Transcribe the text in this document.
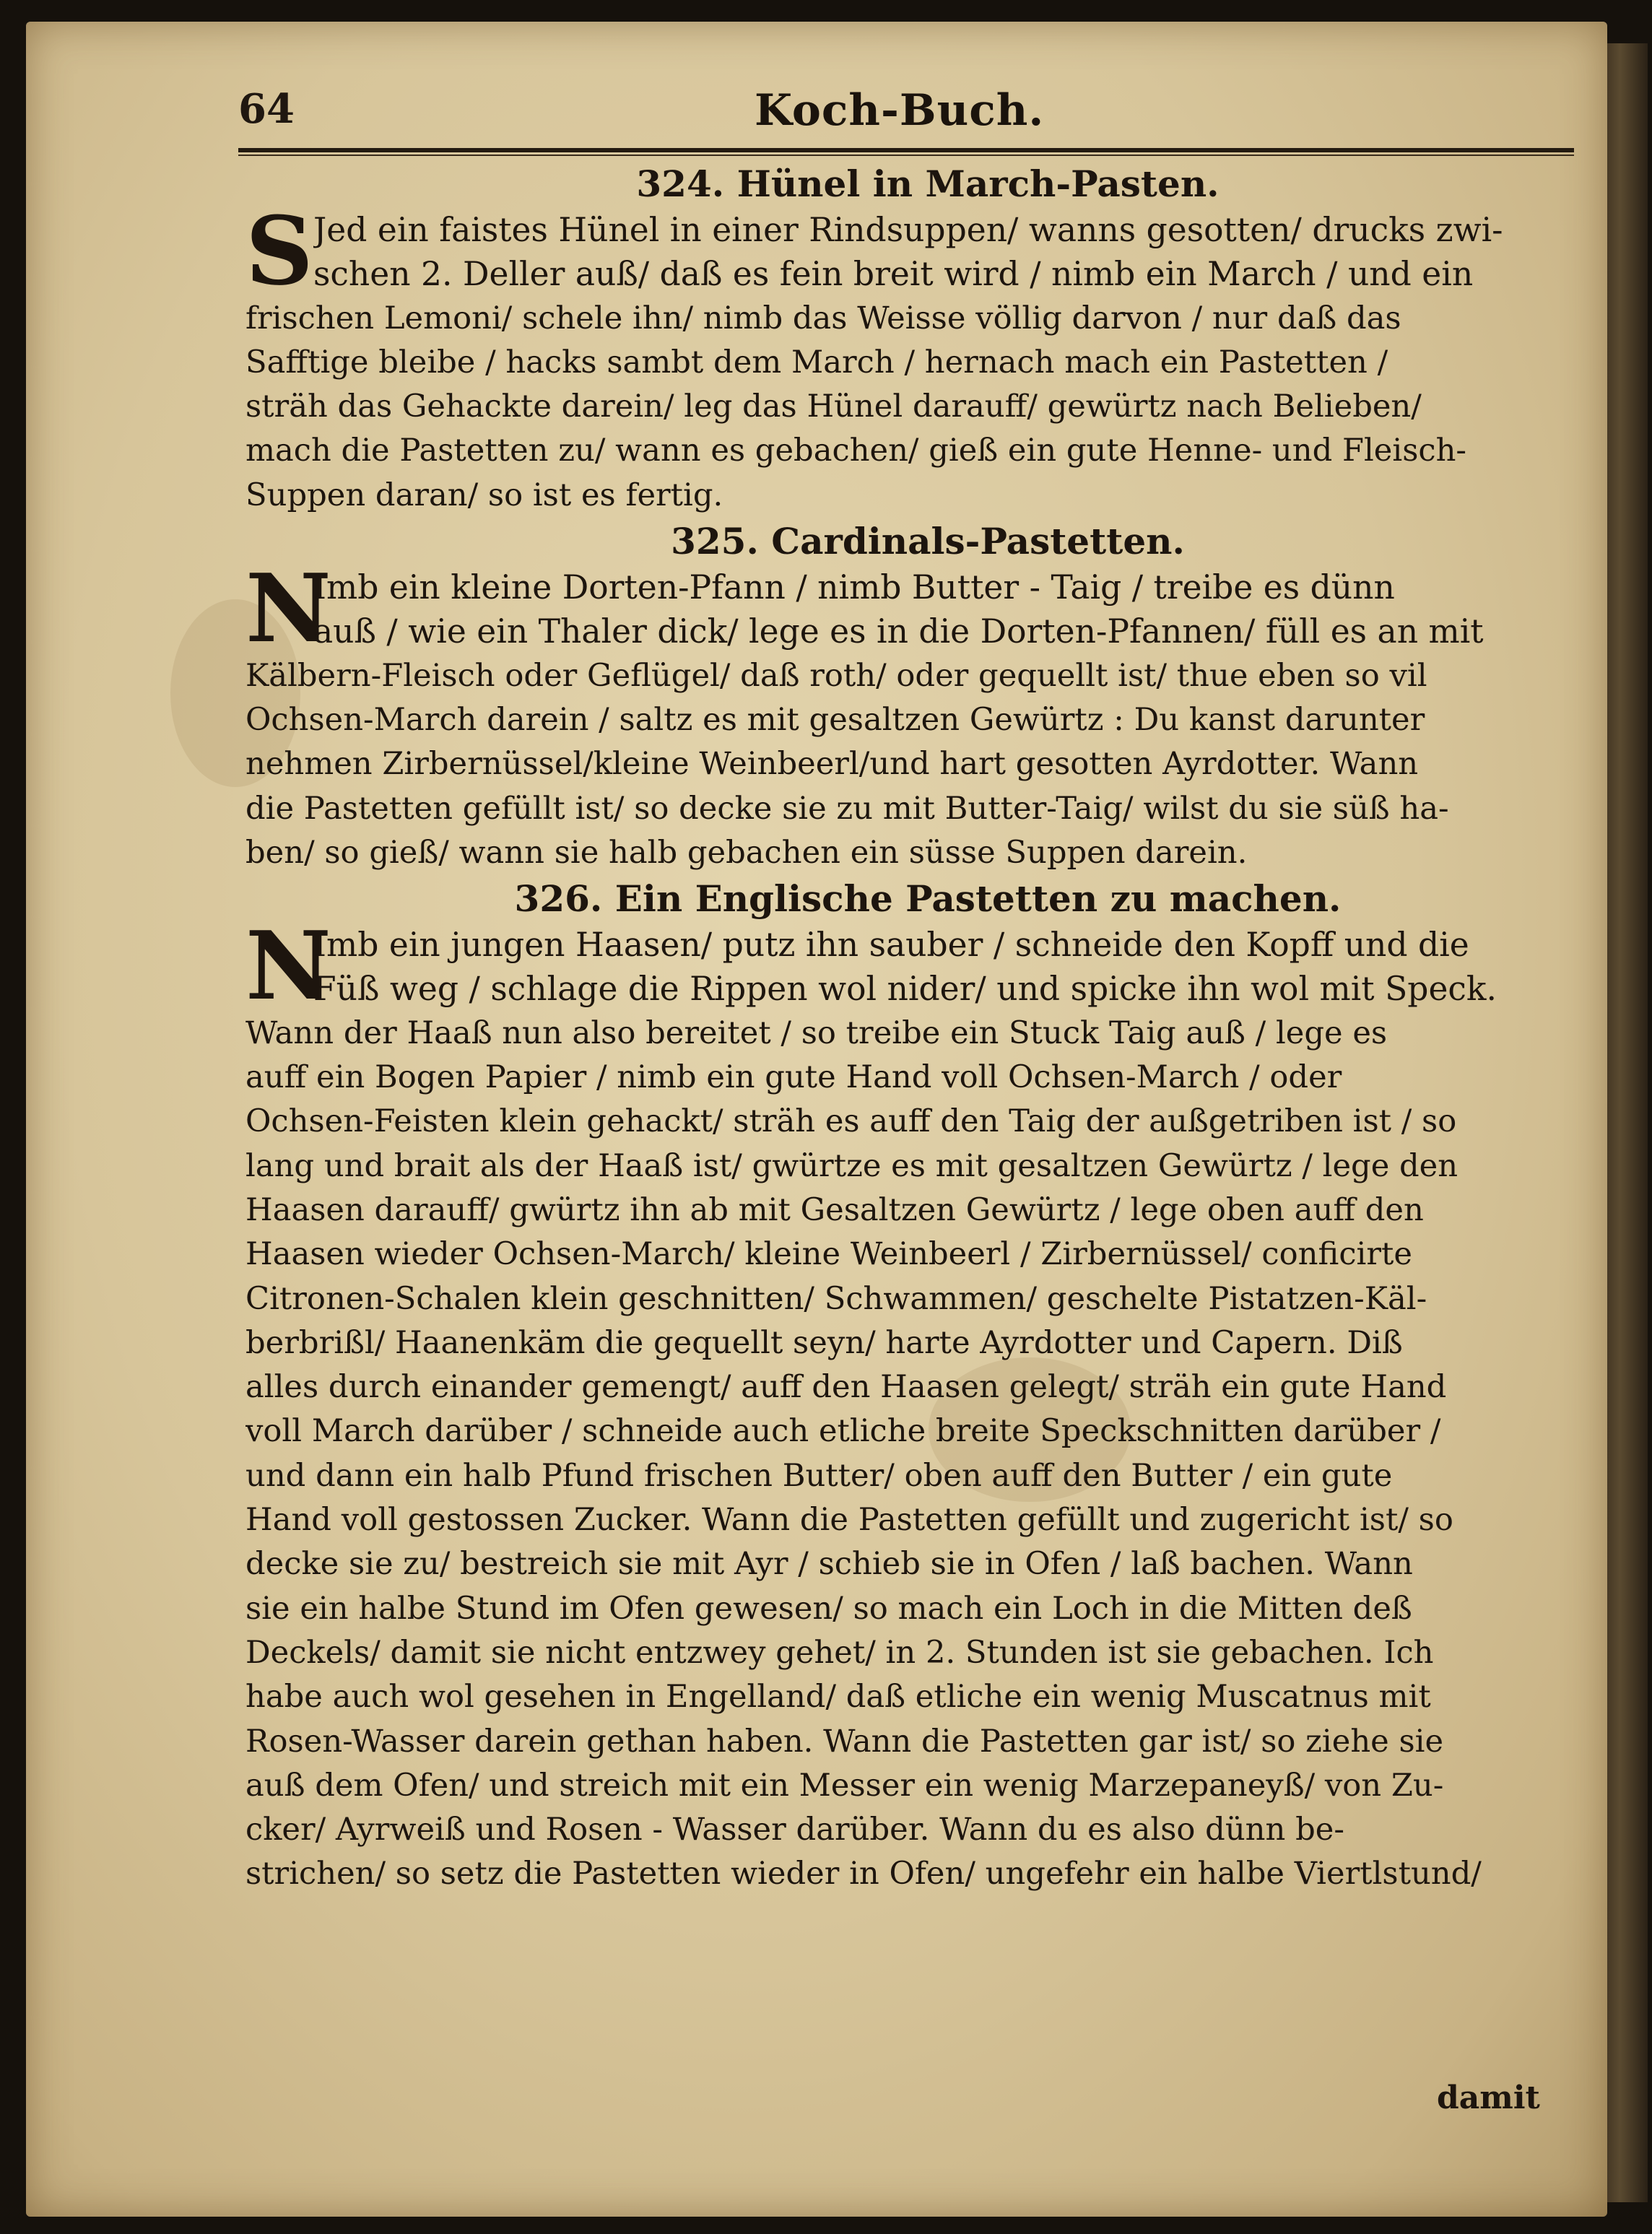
64	Koch-Buch.
324. Hünel in March-Pasten.
S Jed ein faistes Hünel in einer Rindsuppen/ wanns gesotten/ drucks zwi-
schen 2. Deller auß/ daß es fein breit wird / nimb ein March / und ein
frischen Lemoni/ schele ihn/ nimb das Weisse völlig darvon / nur daß das
Safftige bleibe / hacks sambt dem March / hernach mach ein Pastetten /
sträh das Gehackte darein/ leg das Hünel darauff/ gewürtz nach Belieben/
mach die Pastetten zu/ wann es gebachen/ gieß ein gute Henne- und Fleisch-
Suppen daran/ so ist es fertig.
325. Cardinals-Pastetten.
N
Imb ein kleine Dorten-Pfann / nimb Butter - Taig / treibe es dünn
auß / wie ein Thaler dick/ lege es in die Dorten-Pfannen/ füll es an mit
Kälbern-Fleisch oder Geflügel/ daß roth/ oder gequellt ist/ thue eben so vil
Ochsen-March darein / saltz es mit gesaltzen Gewürtz : Du kanst darunter
nehmen Zirbernüssel/kleine Weinbeerl/und hart gesotten Ayrdotter. Wann
die Pastetten gefüllt ist/ so decke sie zu mit Butter-Taig/ wilst du sie süß ha-
ben/ so gieß/ wann sie halb gebachen ein süsse Suppen darein.
326. Ein Englische Pastetten zu machen.
N
Imb ein jungen Haasen/ putz ihn sauber / schneide den Kopff und die
Füß weg / schlage die Rippen wol nider/ und spicke ihn wol mit Speck.
Wann der Haaß nun also bereitet / so treibe ein Stuck Taig auß / lege es
auff ein Bogen Papier / nimb ein gute Hand voll Ochsen-March / oder
Ochsen-Feisten klein gehackt/ sträh es auff den Taig der außgetriben ist / so
lang und brait als der Haaß ist/ gwürtze es mit gesaltzen Gewürtz / lege den
Haasen darauff/ gwürtz ihn ab mit Gesaltzen Gewürtz / lege oben auff den
Haasen wieder Ochsen-March/ kleine Weinbeerl / Zirbernüssel/ conficirte
Citronen-Schalen klein geschnitten/ Schwammen/ geschelte Pistatzen-Käl-
berbrißl/ Haanenkäm die gequellt seyn/ harte Ayrdotter und Capern. Diß
alles durch einander gemengt/ auff den Haasen gelegt/ sträh ein gute Hand
voll March darüber / schneide auch etliche breite Speckschnitten darüber /
und dann ein halb Pfund frischen Butter/ oben auff den Butter / ein gute
Hand voll gestossen Zucker. Wann die Pastetten gefüllt und zugericht ist/ so
decke sie zu/ bestreich sie mit Ayr / schieb sie in Ofen / laß bachen. Wann
sie ein halbe Stund im Ofen gewesen/ so mach ein Loch in die Mitten deß
Deckels/ damit sie nicht entzwey gehet/ in 2. Stunden ist sie gebachen. Ich
habe auch wol gesehen in Engelland/ daß etliche ein wenig Muscatnus mit
Rosen-Wasser darein gethan haben. Wann die Pastetten gar ist/ so ziehe sie
auß dem Ofen/ und streich mit ein Messer ein wenig Marzepaneyß/ von Zu-
cker/ Ayrweiß und Rosen - Wasser darüber. Wann du es also dünn be-
strichen/ so setz die Pastetten wieder in Ofen/ ungefehr ein halbe Viertlstund/
damit
